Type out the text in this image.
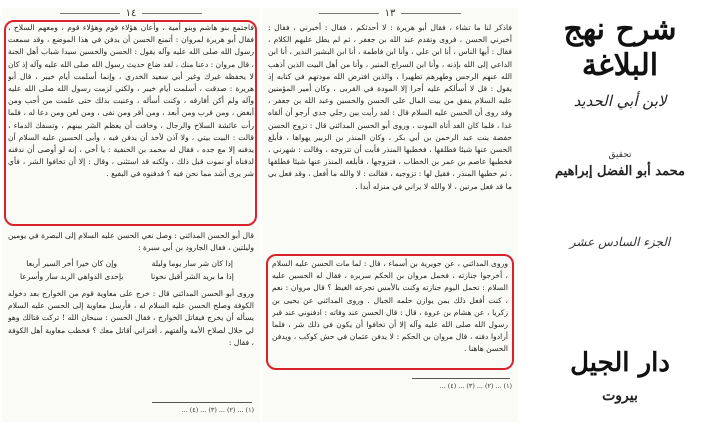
١٤

فاجتمع بنو هاشم وبنو أمية ، وأعان هؤلاء قوم وهؤلاء قوم ، ومعهم السلاح ، فقال أبو هريرة لمروان : أتمنع الحسن أن يدفن في هذا الموضع ، وقد سمعت رسول الله صلى الله عليه وآله يقول : الحسن والحسين سيدا شباب أهل الجنة ، قال مروان : دعنا منك ، لقد ضاع حديث رسول الله صلى الله عليه وآله إذ كان لا يحفظه غيرك وغير أبي سعيد الخدري ، وإنما أسلمت أيام خيبر ، قال أبو هريرة : صدقت ، أسلمت أيام خيبر ، ولكني لزمت رسول الله صلى الله عليه وآله ولم أكن أفارقه ، وكنت أسأله ، وعنيت بذلك حتى علمت من أحب ومن أبغض ، ومن قرب ومن أبعد ، ومن أقر ومن نفى ، ومن لعن ومن دعا له ، فلما رأت عائشة السلاح والرجال ، وخافت أن يعظم الشر بينهم ، وتسفك الدماء ، قالت : البيت بيتي ، ولا آذن لأحد أن يدفن فيه ، وأبى الحسين عليه السلام أن يدفنه إلا مع جده ، فقال له محمد بن الحنفية : يا أخي ، إنه لو أوصى أن ندفنه لدفناه أو نموت قبل ذلك ، ولكنه قد استثنى ، وقال : إلا أن تخافوا الشر ، فأي شر يرى أشد مما نحن فيه ؟ فدفنوه في البقيع .

قال أبو الحسن المدائني : وصل نعي الحسن عليه السلام إلى البصرة في يومين وليلتين ، فقال الجارود بن أبي سبرة :

إذا كان شر سار يوما وليلة
وإن كان خيرا أخر السير أربعا
إذا ما بريد الشر أقبل نحونا
بإحدى الدواهي الربد سار وأسرعا

وروى أبو الحسن المدائني قال : خرج على معاوية قوم من الخوارج بعد دخوله الكوفة وصلح الحسن عليه السلام له ، فأرسل معاوية إلى الحسن عليه السلام يسأله أن يخرج فيقاتل الخوارج ، فقال الحسن : سبحان الله ! تركت قتالك وهو لي حلال لصلاح الأمة وألفتهم ، أفتراني أقاتل معك ؟ فخطب معاوية أهل الكوفة ، فقال :

(١) ... (٢) ... (٣) ... (٤) ...
١٣

فاذكر لنا ما تشاء ، فقال أبو هريرة : لا أحدثكم ، فقال : أخبرني ، فقال : أخبرني الحسن ، فروى وتقدم عبد الله بن جعفر ، ثم لم يطل عليهم الكلام ، فقال : أيها الناس ، أنا ابن علي ، وأنا ابن فاطمة ، أنا ابن البشير النذير ، أنا ابن الداعي إلى الله بإذنه ، وأنا ابن السراج المنير ، وأنا من أهل البيت الذين أذهب الله عنهم الرجس وطهرهم تطهيرا ، والذين افترض الله مودتهم في كتابه إذ يقول : قل لا أسألكم عليه أجرا إلا المودة في القربى ، وكان أمير المؤمنين عليه السلام ينفق من بيت المال على الحسن والحسين وعبد الله بن جعفر ، وقد روى أن الحسن عليه السلام قال : لقد رأيت بين رجلي جدي أرجو أن ألقاه غدا ، فلما كان الغد أتاه الموت ، وروى أبو الحسن المدائني قال : تزوج الحسن حفصة بنت عبد الرحمن بن أبي بكر ، وكان المنذر بن الزبير يهواها ، فأبلغ الحسن عنها شيئا فطلقها ، فخطبها المنذر فأبت أن تتزوجه ، وقالت : شهرني ، فخطبها عاصم بن عمر بن الخطاب ، فتزوجها ، فأبلغه المنذر عنها شيئا فطلقها ، ثم خطبها المنذر ، فقيل لها : تزوجيه ، فقالت : لا والله ما أفعل ، وقد فعل بي ما قد فعل مرتين ، لا والله لا يراني في منزله أبدا .

وروى المدائني ، عن جويرية بن أسماء ، قال : لما مات الحسن عليه السلام ، أخرجوا جنازته ، فحمل مروان بن الحكم سريره ، فقال له الحسين عليه السلام : تحمل اليوم جنازته وكنت بالأمس تجرعه الغيظ ؟ قال مروان : نعم ، كنت أفعل ذلك بمن يوازن حلمه الجبال . وروى المدائني عن يحيى بن زكريا ، عن هشام بن عروة ، قال : قال الحسن عند وفاته : ادفنوني عند قبر رسول الله صلى الله عليه وآله إلا أن تخافوا أن يكون في ذلك شر ، فلما أرادوا دفنه ، قال مروان بن الحكم : لا يدفن عثمان في حش كوكب ، ويدفن الحسن هاهنا .

(١) ... (٢) ... (٣) ... (٤) ...
شرح نهج البلاغة
لابن أبي الحديد
تحقيق
محمد أبو الفضل إبراهيم
الجزء السادس عشر
دار الجيل
بيروت
